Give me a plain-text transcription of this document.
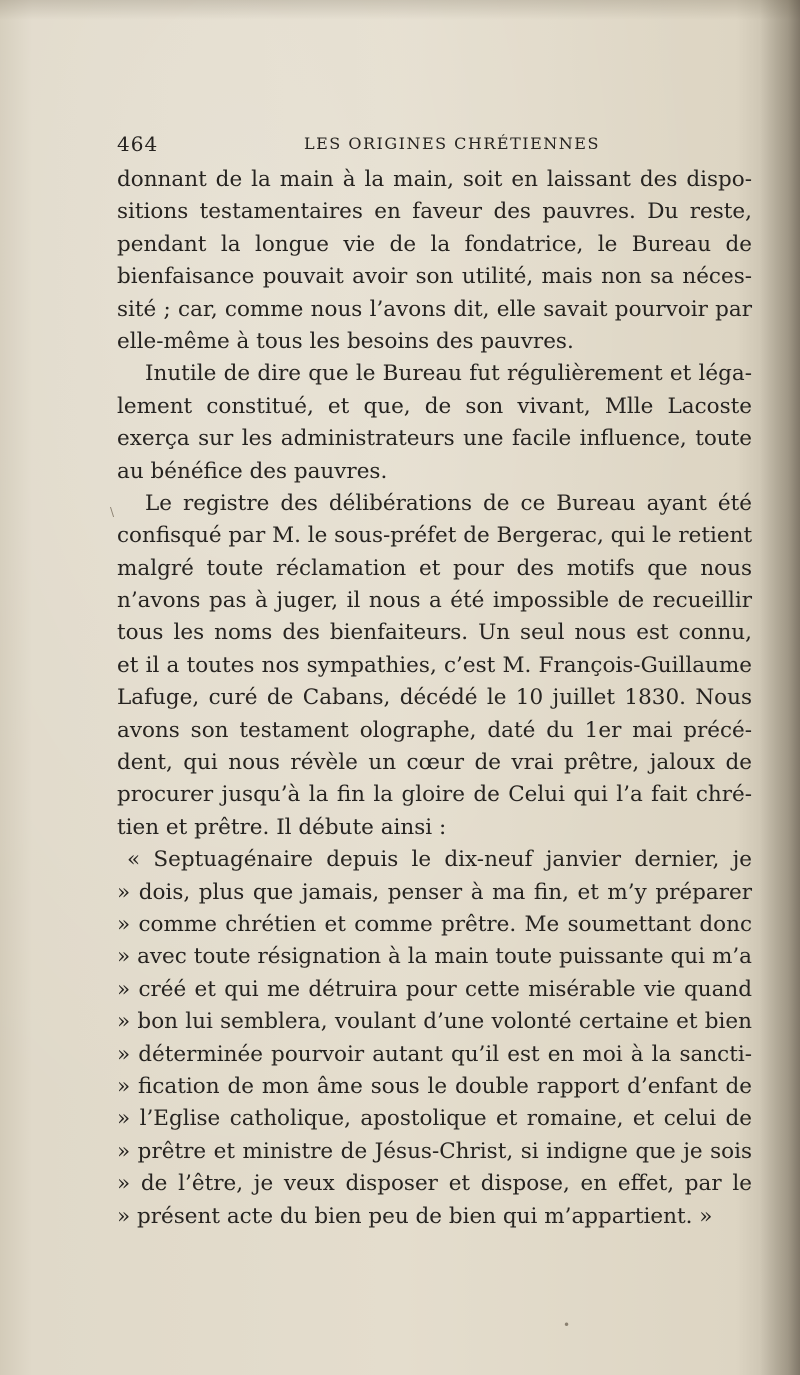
464	LES ORIGINES CHRÉTIENNES
donnant de la main à la main, soit en laissant des dispo-
sitions testamentaires en faveur des pauvres. Du reste,
pendant la longue vie de la fondatrice, le Bureau de
bienfaisance pouvait avoir son utilité, mais non sa néces-
sité ; car, comme nous l’avons dit, elle savait pourvoir par
elle-même à tous les besoins des pauvres.
Inutile de dire que le Bureau fut régulièrement et léga-
lement constitué, et que, de son vivant, Mlle Lacoste
exerça sur les administrateurs une facile influence, toute
au bénéfice des pauvres.
Le registre des délibérations de ce Bureau ayant été
confisqué par M. le sous-préfet de Bergerac, qui le retient
malgré toute réclamation et pour des motifs que nous
n’avons pas à juger, il nous a été impossible de recueillir
tous les noms des bienfaiteurs. Un seul nous est connu,
et il a toutes nos sympathies, c’est M. François-Guillaume
Lafuge, curé de Cabans, décédé le 10 juillet 1830. Nous
avons son testament olographe, daté du 1er mai précé-
dent, qui nous révèle un cœur de vrai prêtre, jaloux de
procurer jusqu’à la fin la gloire de Celui qui l’a fait chré-
tien et prêtre. Il débute ainsi :
« Septuagénaire depuis le dix-neuf janvier dernier, je
» dois, plus que jamais, penser à ma fin, et m’y préparer
» comme chrétien et comme prêtre. Me soumettant donc
» avec toute résignation à la main toute puissante qui m’a
» créé et qui me détruira pour cette misérable vie quand
» bon lui semblera, voulant d’une volonté certaine et bien
» déterminée pourvoir autant qu’il est en moi à la sancti-
» fication de mon âme sous le double rapport d’enfant de
» l’Eglise catholique, apostolique et romaine, et celui de
» prêtre et ministre de Jésus-Christ, si indigne que je sois
» de l’être, je veux disposer et dispose, en effet, par le
» présent acte du bien peu de bien qui m’appartient. »
\
•
